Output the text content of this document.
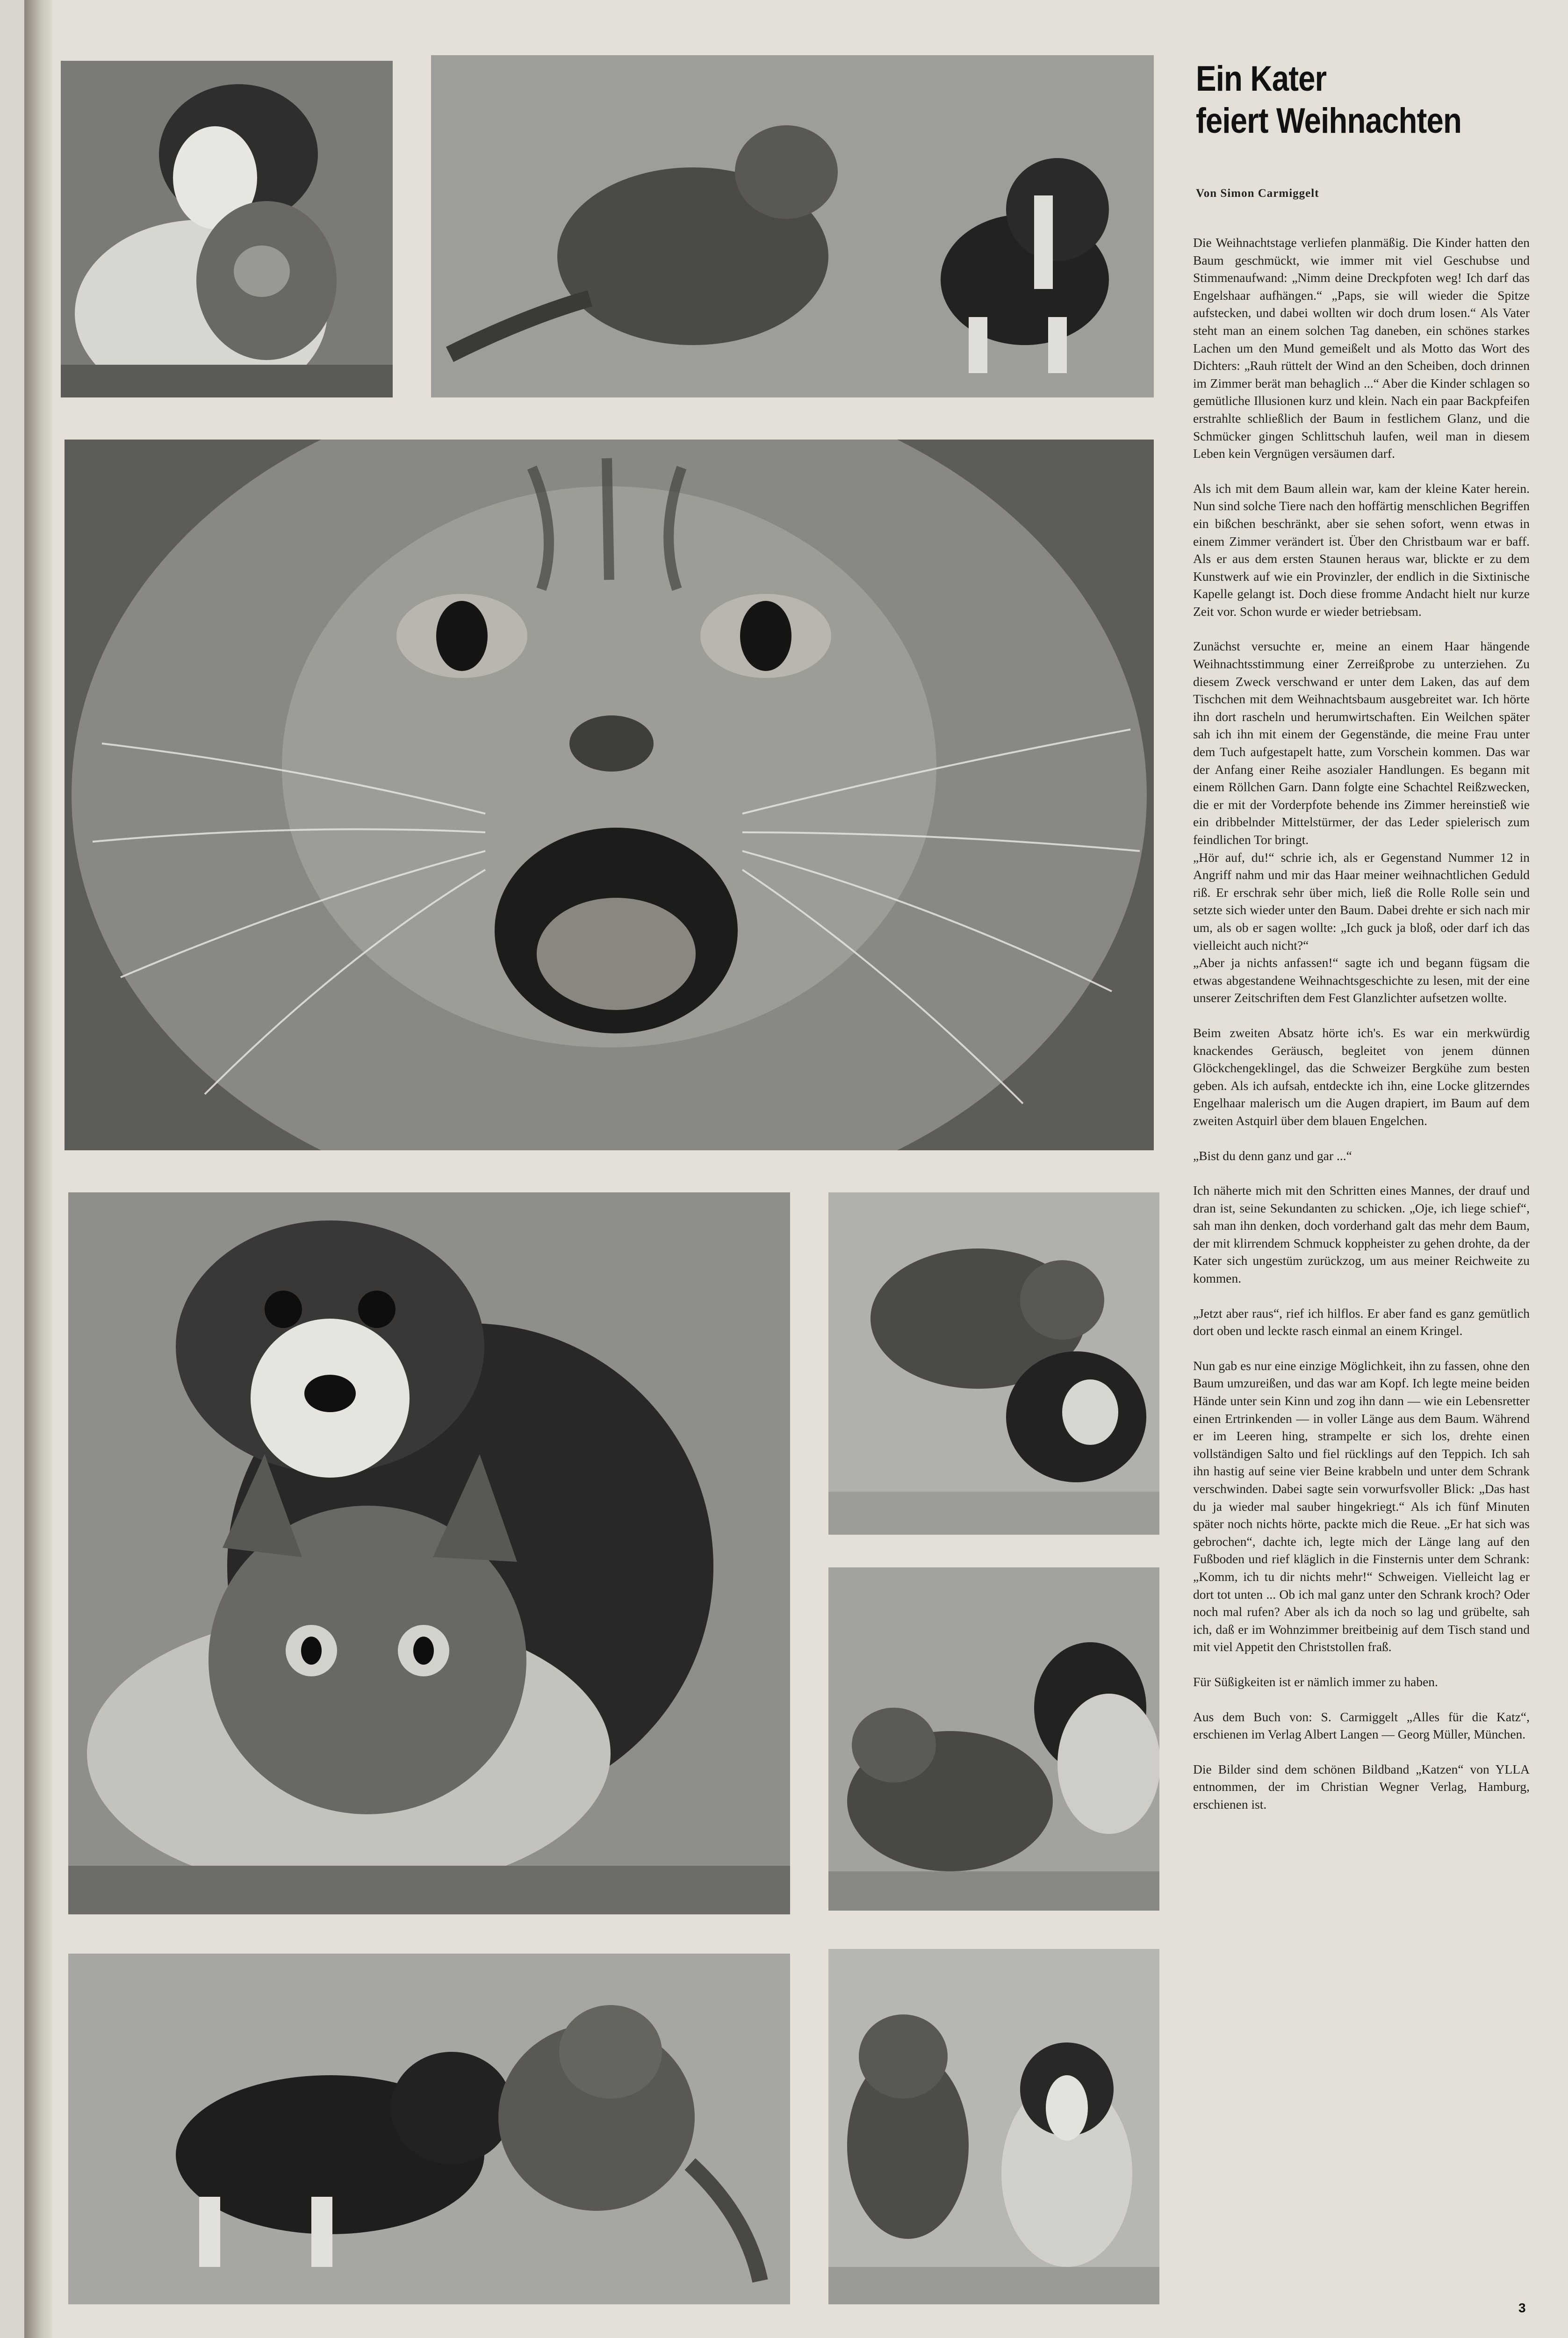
Ein Kater
feiert Weihnachten
Von Simon Carmiggelt

Die Weihnachtstage verliefen planmäßig. Die Kinder hatten den Baum geschmückt, wie immer mit viel Geschubse und Stimmenaufwand: „Nimm deine Dreckpfoten weg! Ich darf das Engelshaar aufhängen.“ „Paps, sie will wieder die Spitze aufstecken, und dabei wollten wir doch drum losen.“ Als Vater steht man an einem solchen Tag daneben, ein schönes starkes Lachen um den Mund gemeißelt und als Motto das Wort des Dichters: „Rauh rüttelt der Wind an den Scheiben, doch drinnen im Zimmer berät man behaglich ...“ Aber die Kinder schlagen so gemütliche Illusionen kurz und klein. Nach ein paar Backpfeifen erstrahlte schließlich der Baum in festlichem Glanz, und die Schmücker gingen Schlittschuh laufen, weil man in diesem Leben kein Vergnügen versäumen darf.

Als ich mit dem Baum allein war, kam der kleine Kater herein. Nun sind solche Tiere nach den hoffärtig menschlichen Begriffen ein bißchen beschränkt, aber sie sehen sofort, wenn etwas in einem Zimmer verändert ist. Über den Christbaum war er baff. Als er aus dem ersten Staunen heraus war, blickte er zu dem Kunstwerk auf wie ein Provinzler, der endlich in die Sixtinische Kapelle gelangt ist. Doch diese fromme Andacht hielt nur kurze Zeit vor. Schon wurde er wieder betriebsam.

Zunächst versuchte er, meine an einem Haar hängende Weihnachtsstimmung einer Zerreißprobe zu unterziehen. Zu diesem Zweck verschwand er unter dem Laken, das auf dem Tischchen mit dem Weihnachtsbaum ausgebreitet war. Ich hörte ihn dort rascheln und herumwirtschaften. Ein Weilchen später sah ich ihn mit einem der Gegenstände, die meine Frau unter dem Tuch aufgestapelt hatte, zum Vorschein kommen. Das war der Anfang einer Reihe asozialer Handlungen. Es begann mit einem Röllchen Garn. Dann folgte eine Schachtel Reißzwecken, die er mit der Vorderpfote behende ins Zimmer hereinstieß wie ein dribbelnder Mittelstürmer, der das Leder spielerisch zum feindlichen Tor bringt.

„Hör auf, du!“ schrie ich, als er Gegenstand Nummer 12 in Angriff nahm und mir das Haar meiner weihnachtlichen Geduld riß. Er erschrak sehr über mich, ließ die Rolle Rolle sein und setzte sich wieder unter den Baum. Dabei drehte er sich nach mir um, als ob er sagen wollte: „Ich guck ja bloß, oder darf ich das vielleicht auch nicht?“

„Aber ja nichts anfassen!“ sagte ich und begann fügsam die etwas abgestandene Weihnachtsgeschichte zu lesen, mit der eine unserer Zeitschriften dem Fest Glanzlichter aufsetzen wollte.

Beim zweiten Absatz hörte ich's. Es war ein merkwürdig knackendes Geräusch, begleitet von jenem dünnen Glöckchengeklingel, das die Schweizer Bergkühe zum besten geben. Als ich aufsah, entdeckte ich ihn, eine Locke glitzerndes Engelhaar malerisch um die Augen drapiert, im Baum auf dem zweiten Astquirl über dem blauen Engelchen.

„Bist du denn ganz und gar ...“

Ich näherte mich mit den Schritten eines Mannes, der drauf und dran ist, seine Sekundanten zu schicken. „Oje, ich liege schief“, sah man ihn denken, doch vorderhand galt das mehr dem Baum, der mit klirrendem Schmuck koppheister zu gehen drohte, da der Kater sich ungestüm zurückzog, um aus meiner Reichweite zu kommen.

„Jetzt aber raus“, rief ich hilflos. Er aber fand es ganz gemütlich dort oben und leckte rasch einmal an einem Kringel.

Nun gab es nur eine einzige Möglichkeit, ihn zu fassen, ohne den Baum umzureißen, und das war am Kopf. Ich legte meine beiden Hände unter sein Kinn und zog ihn dann — wie ein Lebensretter einen Ertrinkenden — in voller Länge aus dem Baum. Während er im Leeren hing, strampelte er sich los, drehte einen vollständigen Salto und fiel rücklings auf den Teppich. Ich sah ihn hastig auf seine vier Beine krabbeln und unter dem Schrank verschwinden. Dabei sagte sein vorwurfsvoller Blick: „Das hast du ja wieder mal sauber hingekriegt.“ Als ich fünf Minuten später noch nichts hörte, packte mich die Reue. „Er hat sich was gebrochen“, dachte ich, legte mich der Länge lang auf den Fußboden und rief kläglich in die Finsternis unter dem Schrank: „Komm, ich tu dir nichts mehr!“ Schweigen. Vielleicht lag er dort tot unten ... Ob ich mal ganz unter den Schrank kroch? Oder noch mal rufen? Aber als ich da noch so lag und grübelte, sah ich, daß er im Wohnzimmer breitbeinig auf dem Tisch stand und mit viel Appetit den Christstollen fraß.

Für Süßigkeiten ist er nämlich immer zu haben.

Aus dem Buch von: S. Carmiggelt „Alles für die Katz“, erschienen im Verlag Albert Langen — Georg Müller, München.

Die Bilder sind dem schönen Bildband „Katzen“ von YLLA entnommen, der im Christian Wegner Verlag, Hamburg, erschienen ist.

3
